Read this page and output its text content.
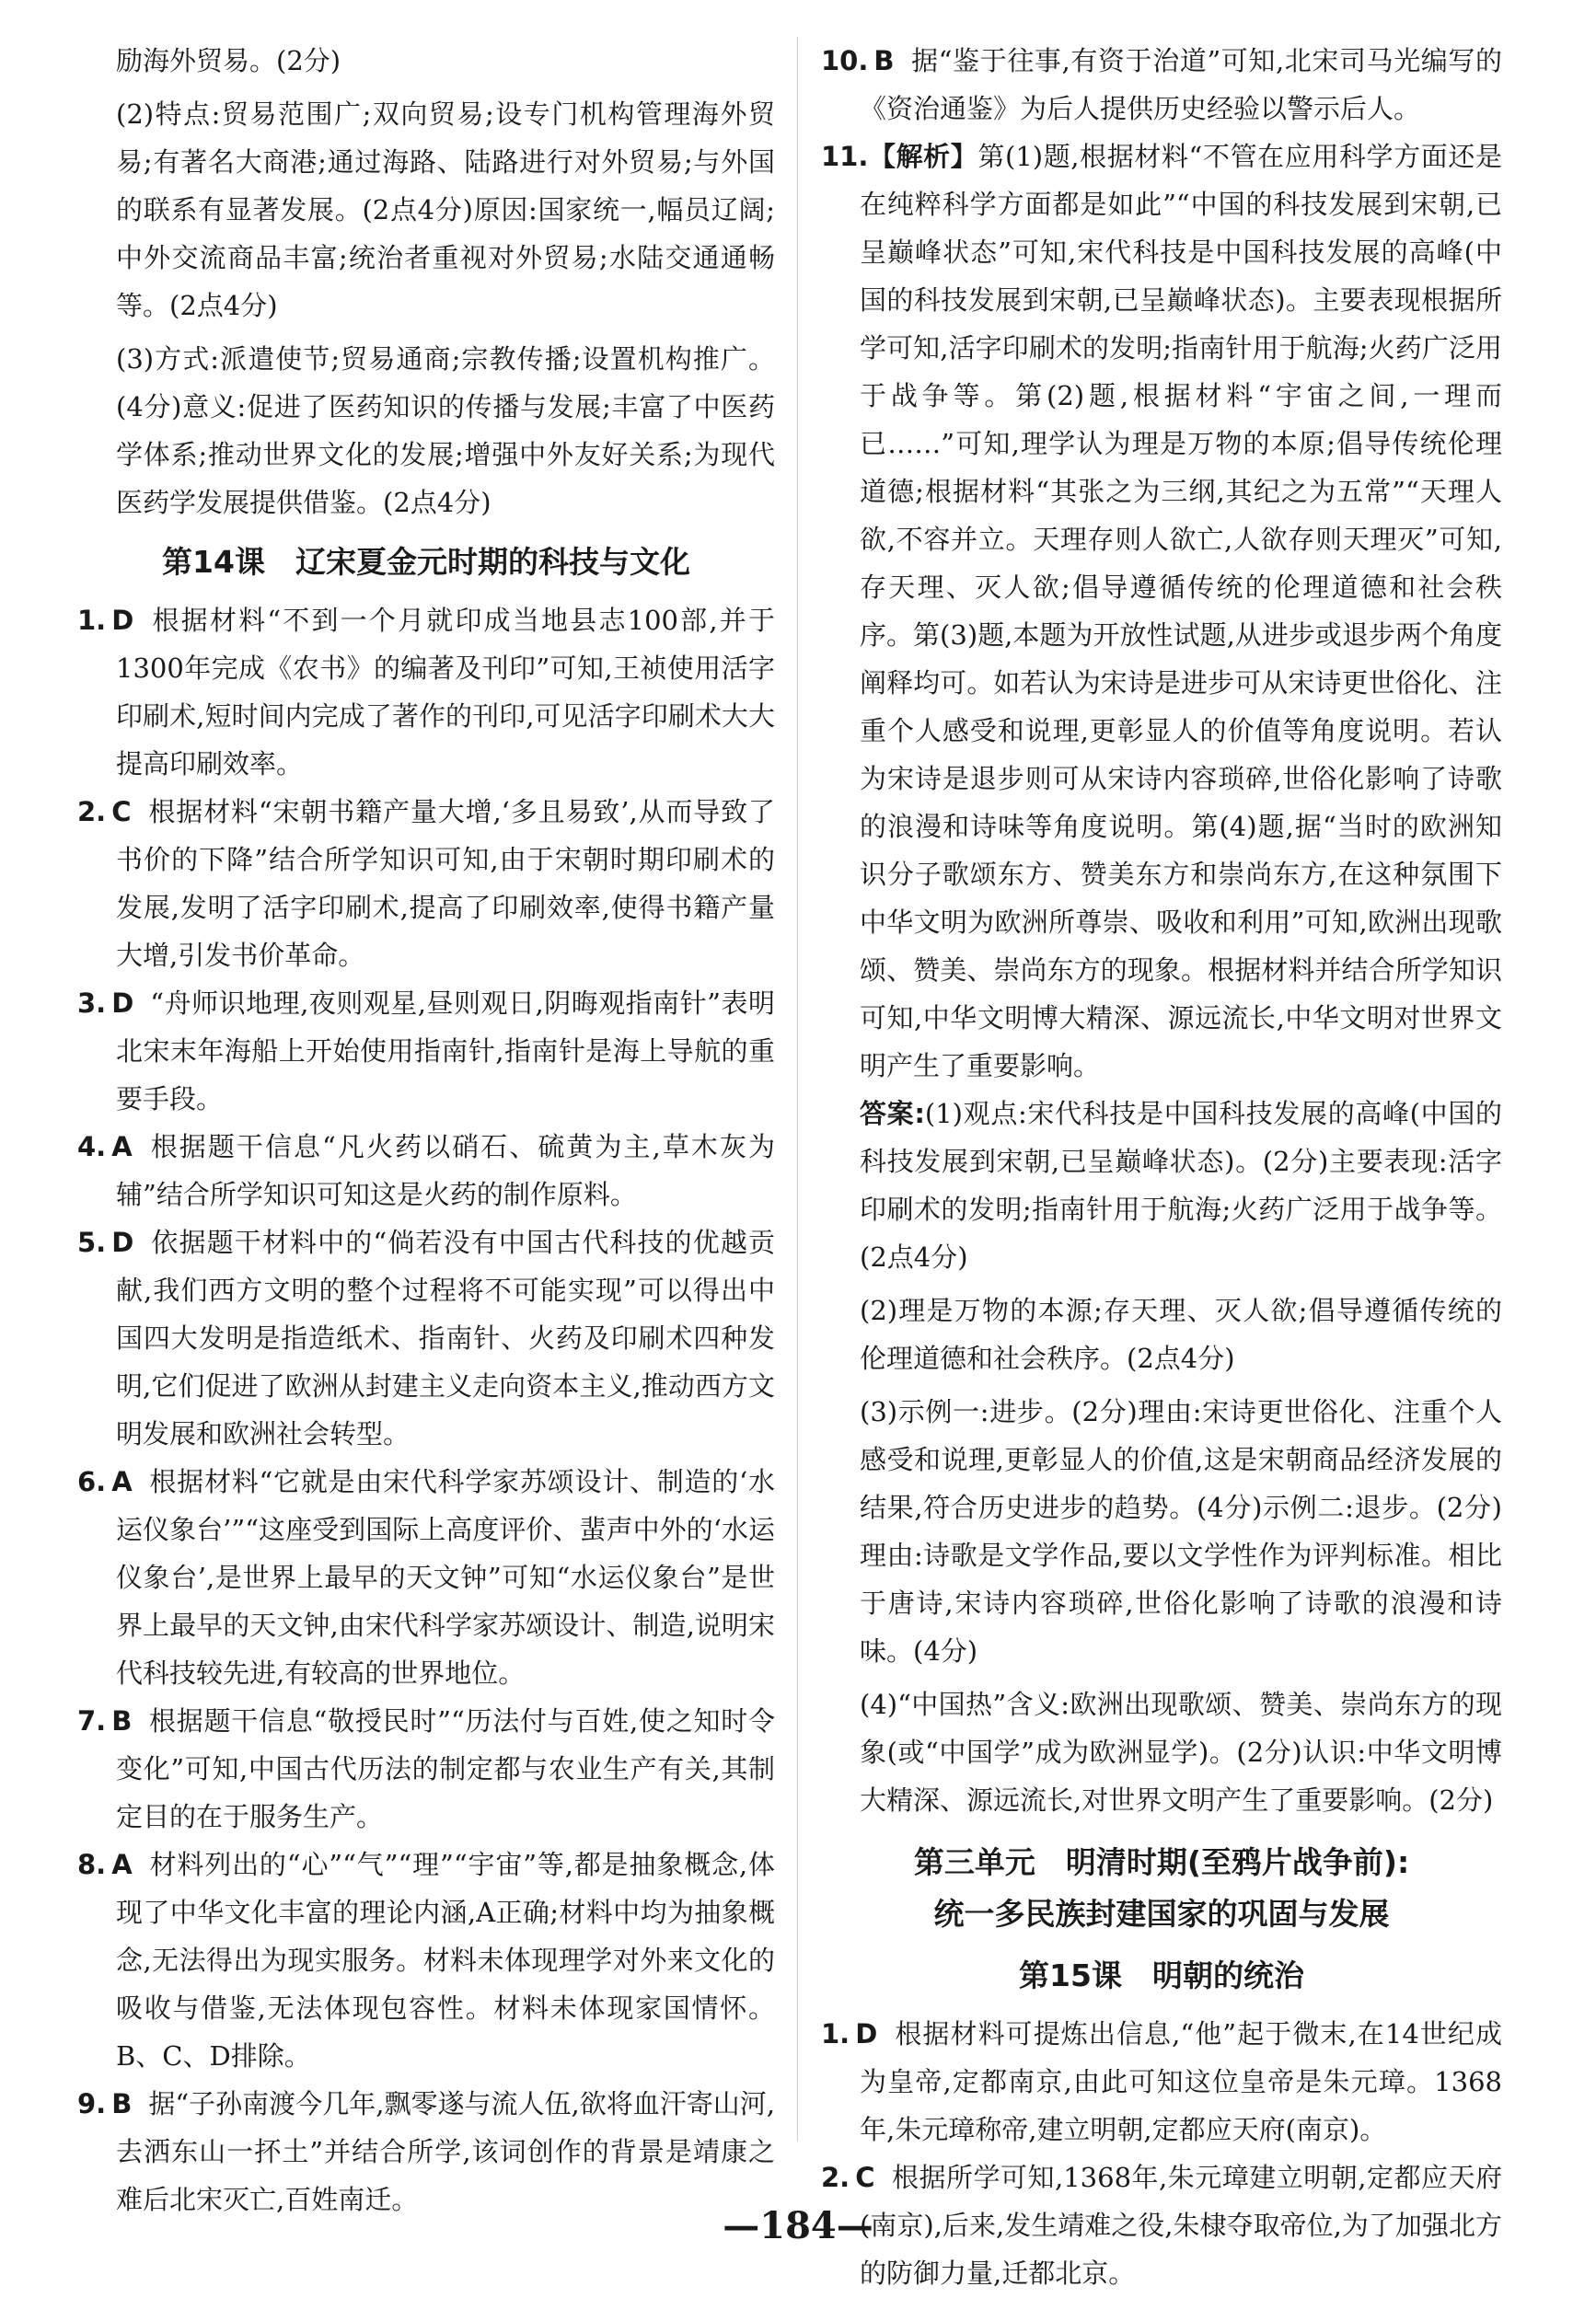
励海外贸易。(2分)

(2)特点:贸易范围广;双向贸易;设专门机构管理海外贸易;有著名大商港;通过海路、陆路进行对外贸易;与外国的联系有显著发展。(2点4分)原因:国家统一,幅员辽阔;中外交流商品丰富;统治者重视对外贸易;水陆交通通畅等。(2点4分)

(3)方式:派遣使节;贸易通商;宗教传播;设置机构推广。(4分)意义:促进了医药知识的传播与发展;丰富了中医药学体系;推动世界文化的发展;增强中外友好关系;为现代医药学发展提供借鉴。(2点4分)

第14课　辽宋夏金元时期的科技与文化

1. D 根据材料“不到一个月就印成当地县志100部,并于1300年完成《农书》的编著及刊印”可知,王祯使用活字印刷术,短时间内完成了著作的刊印,可见活字印刷术大大提高印刷效率。

2. C 根据材料“宋朝书籍产量大增,‘多且易致’,从而导致了书价的下降”结合所学知识可知,由于宋朝时期印刷术的发展,发明了活字印刷术,提高了印刷效率,使得书籍产量大增,引发书价革命。

3. D “舟师识地理,夜则观星,昼则观日,阴晦观指南针”表明北宋末年海船上开始使用指南针,指南针是海上导航的重要手段。

4. A 根据题干信息“凡火药以硝石、硫黄为主,草木灰为辅”结合所学知识可知这是火药的制作原料。

5. D 依据题干材料中的“倘若没有中国古代科技的优越贡献,我们西方文明的整个过程将不可能实现”可以得出中国四大发明是指造纸术、指南针、火药及印刷术四种发明,它们促进了欧洲从封建主义走向资本主义,推动西方文明发展和欧洲社会转型。

6. A 根据材料“它就是由宋代科学家苏颂设计、制造的‘水运仪象台’”“这座受到国际上高度评价、蜚声中外的‘水运仪象台’,是世界上最早的天文钟”可知“水运仪象台”是世界上最早的天文钟,由宋代科学家苏颂设计、制造,说明宋代科技较先进,有较高的世界地位。

7. B 根据题干信息“敬授民时”“历法付与百姓,使之知时令变化”可知,中国古代历法的制定都与农业生产有关,其制定目的在于服务生产。

8. A 材料列出的“心”“气”“理”“宇宙”等,都是抽象概念,体现了中华文化丰富的理论内涵,A正确;材料中均为抽象概念,无法得出为现实服务。材料未体现理学对外来文化的吸收与借鉴,无法体现包容性。材料未体现家国情怀。B、C、D排除。

9. B 据“子孙南渡今几年,飘零遂与流人伍,欲将血汗寄山河,去洒东山一抔土”并结合所学,该词创作的背景是靖康之难后北宋灭亡,百姓南迁。

10. B 据“鉴于往事,有资于治道”可知,北宋司马光编写的《资治通鉴》为后人提供历史经验以警示后人。

11.【解析】第(1)题,根据材料“不管在应用科学方面还是在纯粹科学方面都是如此”“中国的科技发展到宋朝,已呈巅峰状态”可知,宋代科技是中国科技发展的高峰(中国的科技发展到宋朝,已呈巅峰状态)。主要表现根据所学可知,活字印刷术的发明;指南针用于航海;火药广泛用于战争等。第(2)题,根据材料“宇宙之间,一理而已……”可知,理学认为理是万物的本原;倡导传统伦理道德;根据材料“其张之为三纲,其纪之为五常”“天理人欲,不容并立。天理存则人欲亡,人欲存则天理灭”可知,存天理、灭人欲;倡导遵循传统的伦理道德和社会秩序。第(3)题,本题为开放性试题,从进步或退步两个角度阐释均可。如若认为宋诗是进步可从宋诗更世俗化、注重个人感受和说理,更彰显人的价值等角度说明。若认为宋诗是退步则可从宋诗内容琐碎,世俗化影响了诗歌的浪漫和诗味等角度说明。第(4)题,据“当时的欧洲知识分子歌颂东方、赞美东方和崇尚东方,在这种氛围下中华文明为欧洲所尊崇、吸收和利用”可知,欧洲出现歌颂、赞美、崇尚东方的现象。根据材料并结合所学知识可知,中华文明博大精深、源远流长,中华文明对世界文明产生了重要影响。

答案:(1)观点:宋代科技是中国科技发展的高峰(中国的科技发展到宋朝,已呈巅峰状态)。(2分)主要表现:活字印刷术的发明;指南针用于航海;火药广泛用于战争等。(2点4分)

(2)理是万物的本源;存天理、灭人欲;倡导遵循传统的伦理道德和社会秩序。(2点4分)

(3)示例一:进步。(2分)理由:宋诗更世俗化、注重个人感受和说理,更彰显人的价值,这是宋朝商品经济发展的结果,符合历史进步的趋势。(4分)示例二:退步。(2分)理由:诗歌是文学作品,要以文学性作为评判标准。相比于唐诗,宋诗内容琐碎,世俗化影响了诗歌的浪漫和诗味。(4分)

(4)“中国热”含义:欧洲出现歌颂、赞美、崇尚东方的现象(或“中国学”成为欧洲显学)。(2分)认识:中华文明博大精深、源远流长,对世界文明产生了重要影响。(2分)

第三单元　明清时期(至鸦片战争前):
统一多民族封建国家的巩固与发展
第15课　明朝的统治

1. D 根据材料可提炼出信息,“他”起于微末,在14世纪成为皇帝,定都南京,由此可知这位皇帝是朱元璋。1368年,朱元璋称帝,建立明朝,定都应天府(南京)。

2. C 根据所学可知,1368年,朱元璋建立明朝,定都应天府(南京),后来,发生靖难之役,朱棣夺取帝位,为了加强北方的防御力量,迁都北京。

—184—
